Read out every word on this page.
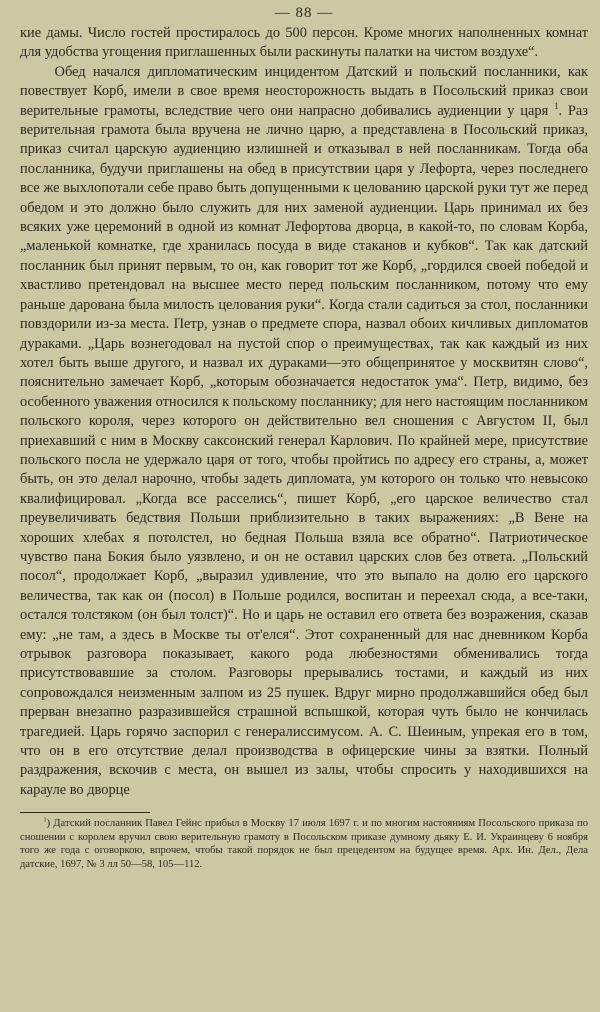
— 88 —

кие дамы. Число гостей простиралось до 500 персон. Кроме многих наполненных комнат для удобства угощения приглашенных были раскинуты палатки на чистом воздухе“.

Обед начался дипломатическим инцидентом Датский и польский посланники, как повествует Корб, имели в свое время неосторожность выдать в Посольский приказ свои верительные грамоты, вследствие чего они напрасно добивались аудиенции у царя $^1$. Раз верительная грамота была вручена не лично царю, а представлена в Посольский приказ, приказ считал царскую аудиенцию излишней и отказывал в ней посланникам. Тогда оба посланника, будучи приглашены на обед в присутствии царя у Лефорта, через последнего все же выхлопотали себе право быть допущенными к целованию царской руки тут же перед обедом и это должно было служить для них заменой аудиенции. Царь принимал их без всяких уже церемоний в одной из комнат Лефортова дворца, в какой-то, по словам Корба, „маленькой комнатке, где хранилась посуда в виде стаканов и кубков“. Так как датский посланник был принят первым, то он, как говорит тот же Корб, „гордился своей победой и хвастливо претендовал на высшее место перед польским посланником, потому что ему раньше дарована была милость целования руки“. Когда стали садиться за стол, посланники повздорили из-за места. Петр, узнав о предмете спора, назвал обоих кичливых дипломатов дураками. „Царь вознегодовал на пустой спор о преимуществах, так как каждый из них хотел быть выше другого, и назвал их дураками—это общепринятое у москвитян слово“, пояснительно замечает Корб, „которым обозначается недостаток ума“. Петр, видимо, без особенного уважения относился к польскому посланнику; для него настоящим посланником польского короля, через которого он действительно вел сношения с Августом II, был приехавший с ним в Москву саксонский генерал Карлович. По крайней мере, присутствие польского посла не удержало царя от того, чтобы пройтись по адресу его страны, а, может быть, он это делал нарочно, чтобы задеть дипломата, ум которого он только что невысоко квалифицировал. „Когда все расселись“, пишет Корб, „его царское величество стал преувеличивать бедствия Польши приблизительно в таких выражениях: „В Вене на хороших хлебах я потолстел, но бедная Польша взяла все обратно“. Патриотическое чувство пана Бокия было уязвлено, и он не оставил царских слов без ответа. „Польский посол“, продолжает Корб, „выразил удивление, что это выпало на долю его царского величества, так как он (посол) в Польше родился, воспитан и переехал сюда, а все-таки, остался толстяком (он был толст)“. Но и царь не оставил его ответа без возражения, сказав ему: „не там, а здесь в Москве ты от'елся“. Этот сохраненный для нас дневником Корба отрывок разговора показывает, какого рода любезностями обменивались тогда присутствовавшие за столом. Разговоры прерывались тостами, и каждый из них сопровождался неизменным залпом из 25 пушек. Вдруг мирно продолжавшийся обед был прерван внезапно разразившейся страшной вспышкой, которая чуть было не кончилась трагедией. Царь горячо заспорил с генералиссимусом. А. С. Шеиным, упрекая его в том, что он в его отсутствие делал производства в офицерские чины за взятки. Полный раздражения, вскочив с места, он вышел из залы, чтобы спросить у находившихся на карауле во дворце

$^1$) Датский посланник Павел Гейнс прибыл в Москву 17 июля 1697 г. и по многим настояниям Посольского приказа по сношении с королем вручил свою верительную грамоту в Посольском приказе думному дьяку Е. И. Украинцеву 6 ноября того же года с оговоркою, впрочем, чтобы такой порядок не был прецедентом на будущее время. Арх. Ин. Дел., Дела датские, 1697, № 3 лл 50—58, 105—112.
